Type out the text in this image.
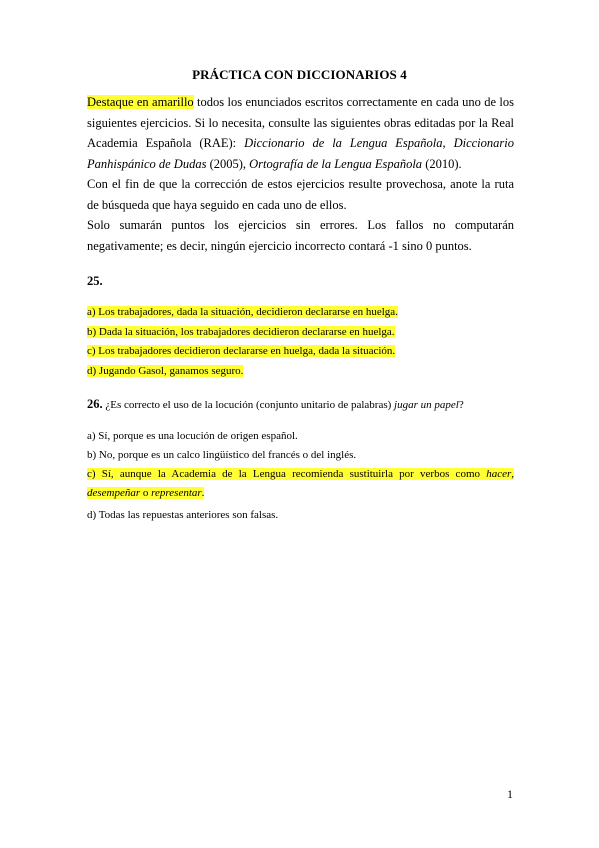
PRÁCTICA CON DICCIONARIOS 4

Destaque en amarillo todos los enunciados escritos correctamente en cada uno de los siguientes ejercicios. Si lo necesita, consulte las siguientes obras editadas por la Real Academia Española (RAE): Diccionario de la Lengua Española, Diccionario Panhispánico de Dudas (2005), Ortografía de la Lengua Española (2010).

Con el fin de que la corrección de estos ejercicios resulte provechosa, anote la ruta de búsqueda que haya seguido en cada uno de ellos.

Solo sumarán puntos los ejercicios sin errores. Los fallos no computarán negativamente; es decir, ningún ejercicio incorrecto contará -1 sino 0 puntos.

25.
a) Los trabajadores, dada la situación, decidieron declararse en huelga.
b) Dada la situación, los trabajadores decidieron declararse en huelga.
c) Los trabajadores decidieron declararse en huelga, dada la situación.
d) Jugando Gasol, ganamos seguro.
26. ¿Es correcto el uso de la locución (conjunto unitario de palabras) jugar un papel?
a) Sí, porque es una locución de origen español.
b) No, porque es un calco lingüístico del francés o del inglés.
c) Sí, aunque la Academia de la Lengua recomienda sustituirla por verbos como hacer, desempeñar o representar.
d) Todas las repuestas anteriores son falsas.
1
